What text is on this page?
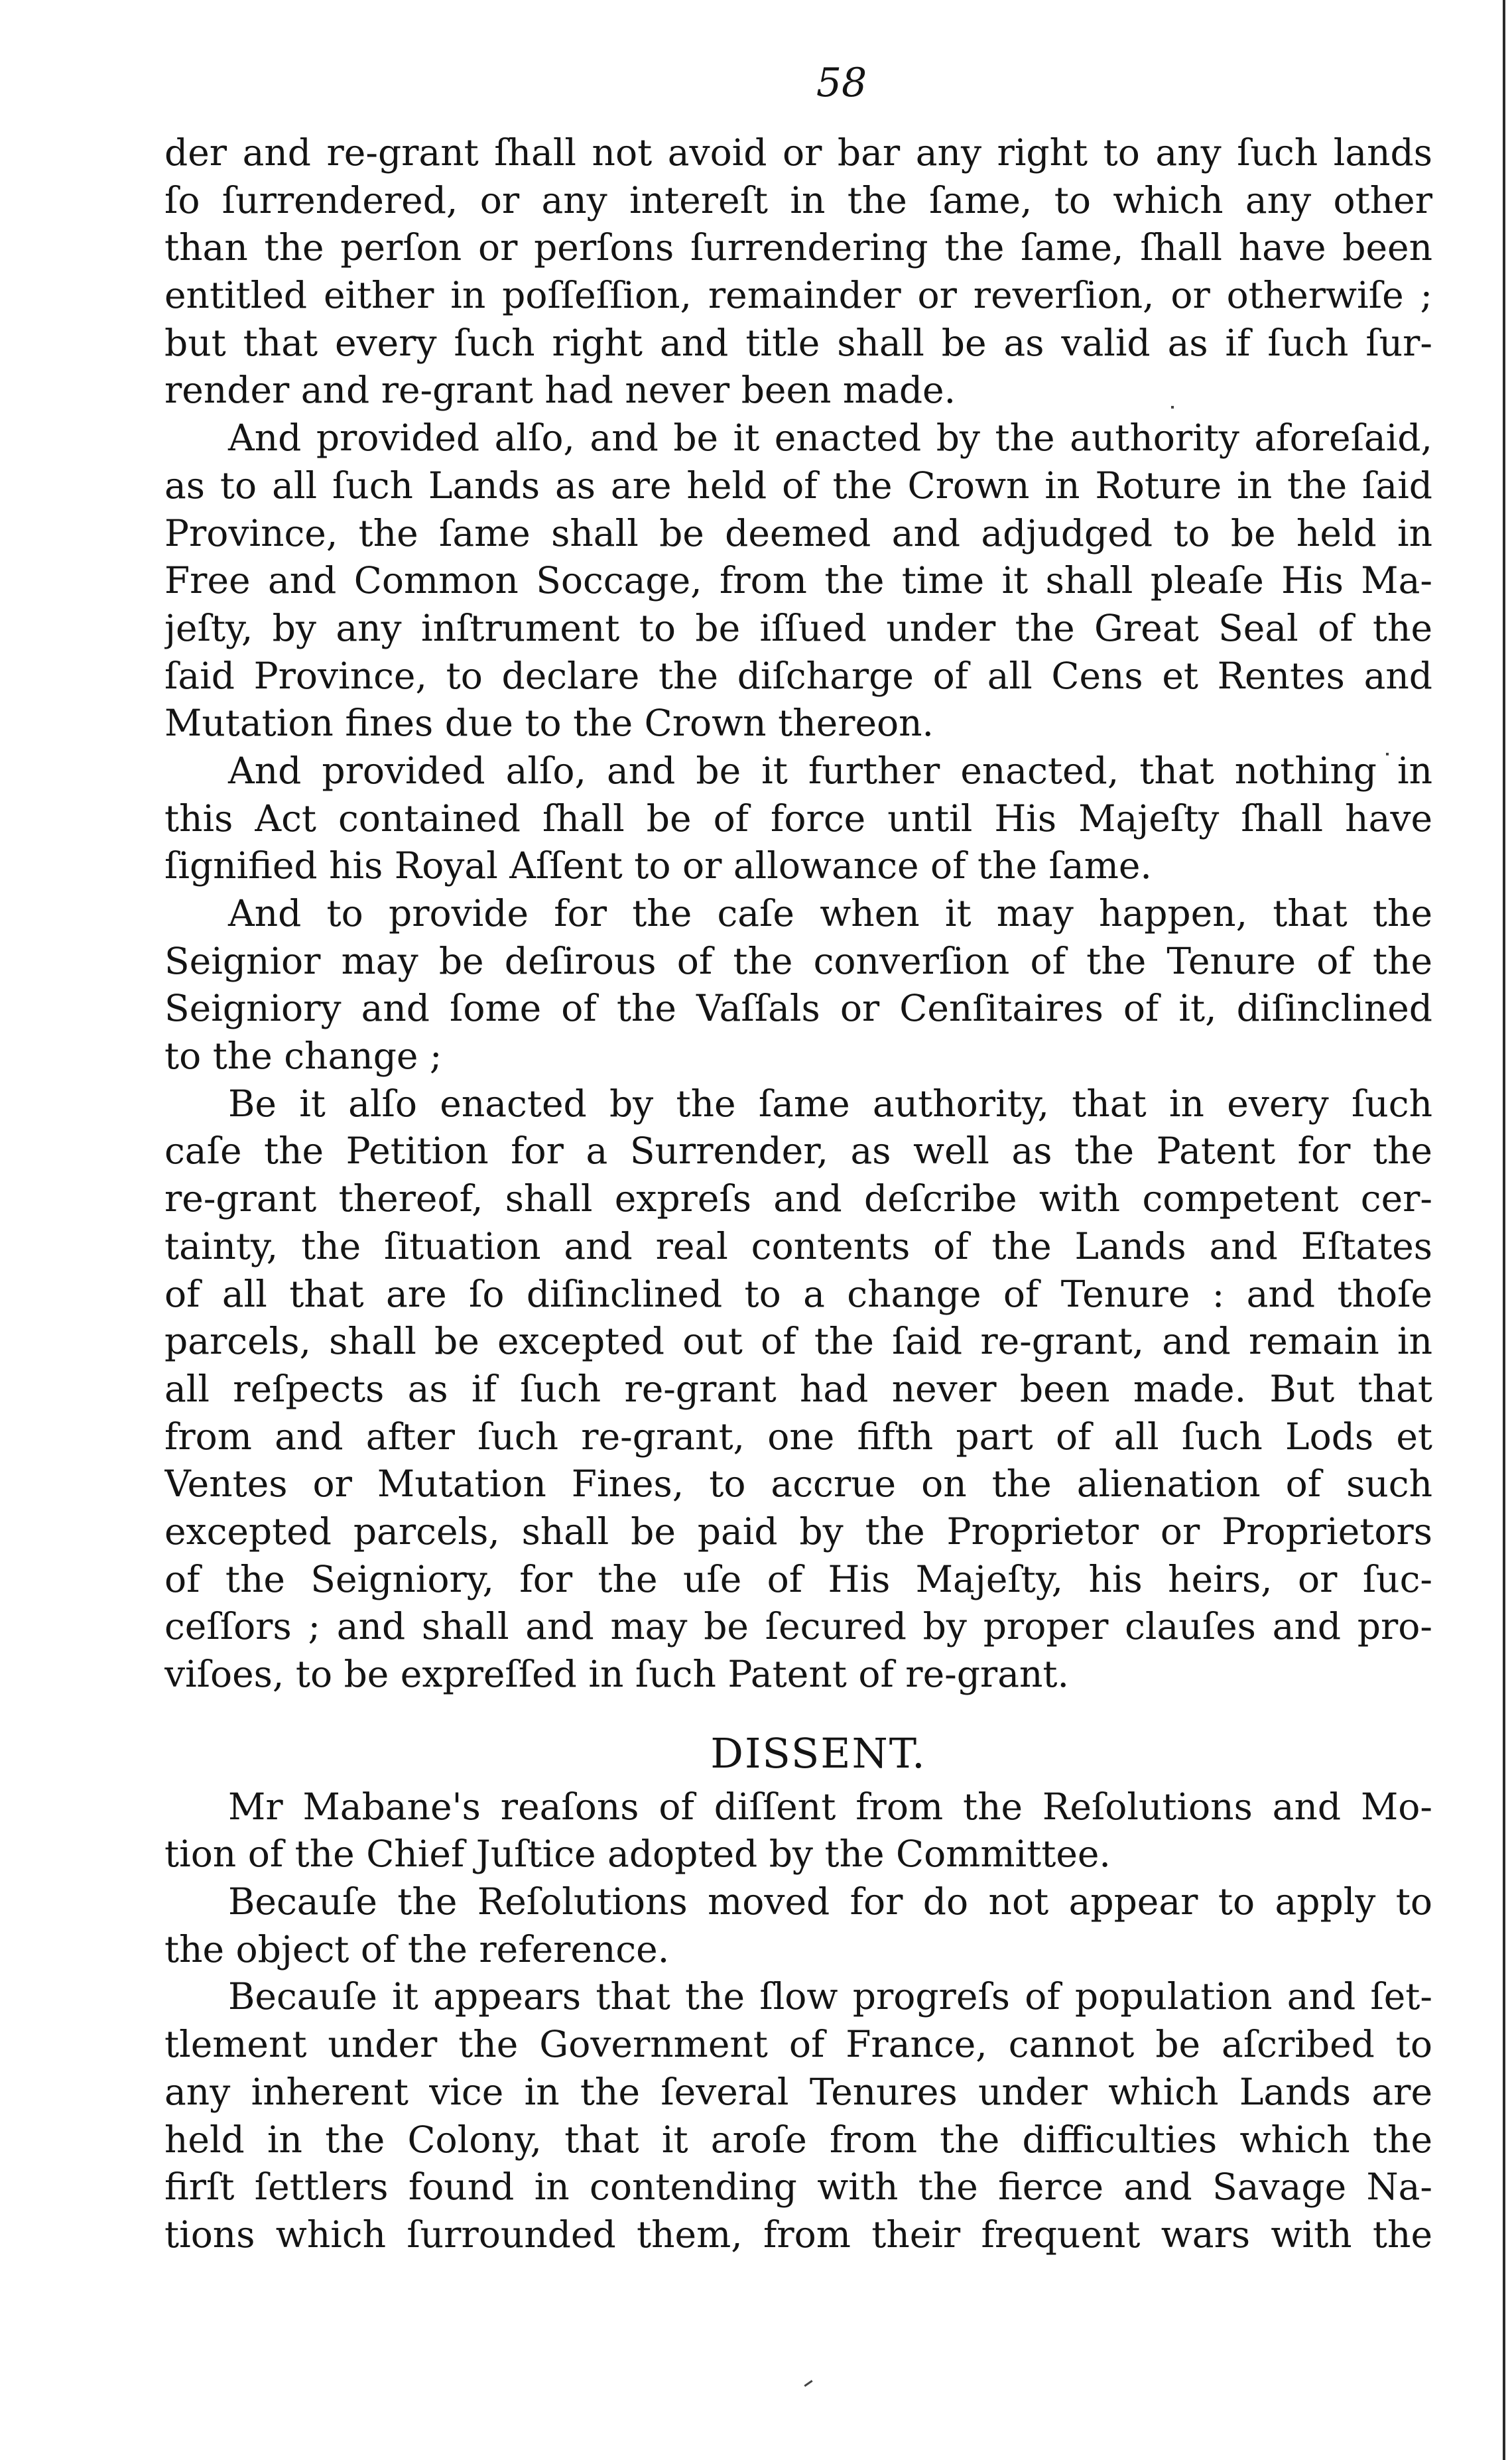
58
der and re-grant ſhall not avoid or bar any right to any ſuch lands
ſo ſurrendered, or any intereſt in the ſame, to which any other
than the perſon or perſons ſurrendering the ſame, ſhall have been
entitled either in poſſeſſion, remainder or reverſion, or otherwiſe ;
but that every ſuch right and title shall be as valid as if ſuch ſur-
render and re-grant had never been made.
And provided alſo, and be it enacted by the authority aforeſaid,
as to all ſuch Lands as are held of the Crown in Roture in the ſaid
Province, the ſame shall be deemed and adjudged to be held in
Free and Common Soccage, from the time it shall pleaſe His Ma-
jeſty, by any inſtrument to be iſſued under the Great Seal of the
ſaid Province, to declare the diſcharge of all Cens et Rentes and
Mutation fines due to the Crown thereon.
And provided alſo, and be it further enacted, that nothing in
this Act contained ſhall be of force until His Majeſty ſhall have
ſignified his Royal Aſſent to or allowance of the ſame.
And to provide for the caſe when it may happen, that the
Seignior may be deſirous of the converſion of the Tenure of the
Seigniory and ſome of the Vaſſals or Cenſitaires of it, diſinclined
to the change ;
Be it alſo enacted by the ſame authority, that in every ſuch
caſe the Petition for a Surrender, as well as the Patent for the
re-grant thereof, shall expreſs and deſcribe with competent cer-
tainty, the ſituation and real contents of the Lands and Eſtates
of all that are ſo diſinclined to a change of Tenure : and thoſe
parcels, shall be excepted out of the ſaid re-grant, and remain in
all reſpects as if ſuch re-grant had never been made. But that
from and after ſuch re-grant, one fifth part of all ſuch Lods et
Ventes or Mutation Fines, to accrue on the alienation of such
excepted parcels, shall be paid by the Proprietor or Proprietors
of the Seigniory, for the uſe of His Majeſty, his heirs, or ſuc-
ceſſors ; and shall and may be ſecured by proper clauſes and pro-
viſoes, to be expreſſed in ſuch Patent of re-grant.
DISSENT.
Mr Mabane's reaſons of diſſent from the Reſolutions and Mo-
tion of the Chief Juſtice adopted by the Committee.
Becauſe the Reſolutions moved for do not appear to apply to
the object of the reference.
Becauſe it appears that the ſlow progreſs of population and ſet-
tlement under the Government of France, cannot be aſcribed to
any inherent vice in the ſeveral Tenures under which Lands are
held in the Colony, that it aroſe from the difficulties which the
firſt ſettlers found in contending with the fierce and Savage Na-
tions which ſurrounded them, from their frequent wars with the
